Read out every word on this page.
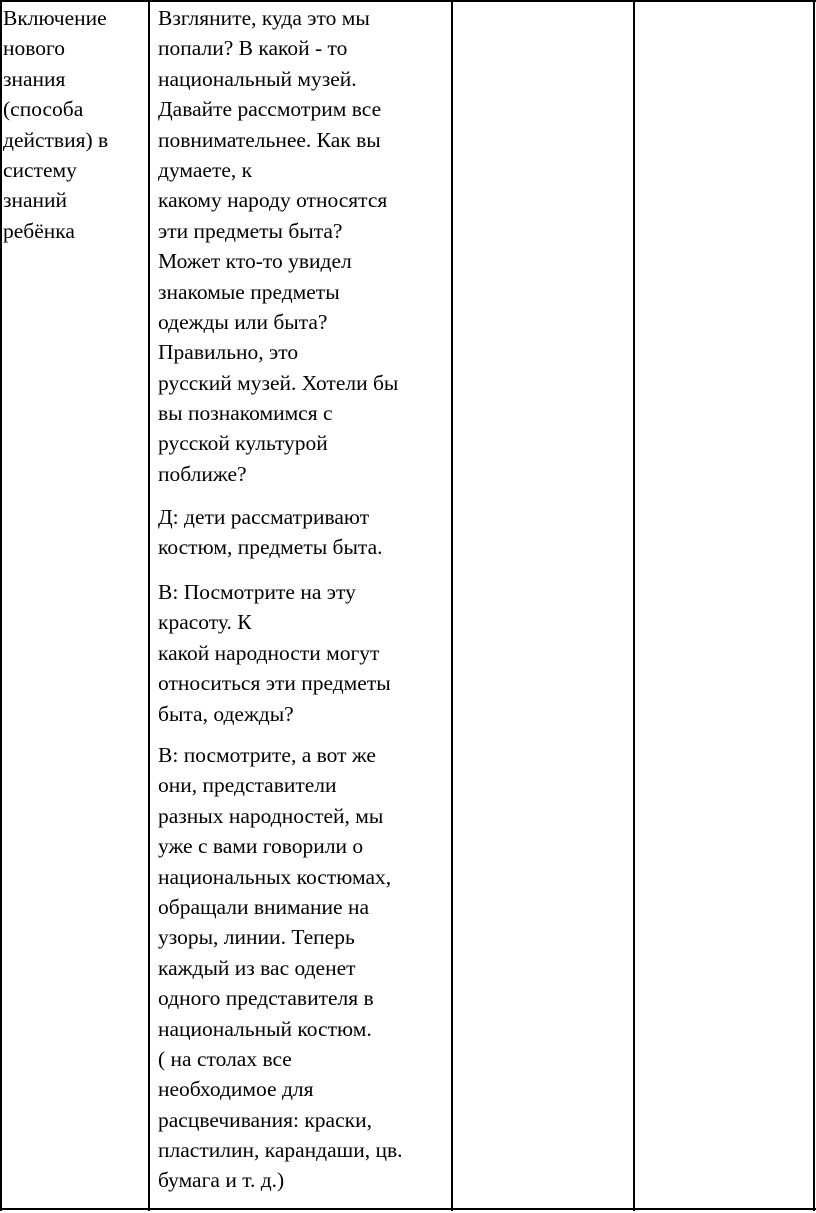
Включение
нового
знания
(способа
действия) в
систему
знаний
ребёнка
Взгляните, куда это мы
попали? В какой - то
национальный музей.
Давайте рассмотрим все
повнимательнее. Как вы
думаете, к
какому народу относятся
эти предметы быта?
Может кто-то увидел
знакомые предметы
одежды или быта?
Правильно, это
русский музей. Хотели бы
вы познакомимся с
русской культурой
поближе?
Д: дети рассматривают
костюм, предметы быта.
В: Посмотрите на эту
красоту. К
какой народности могут
относиться эти предметы
быта, одежды?
В: посмотрите, а вот же
они, представители
разных народностей, мы
уже с вами говорили о
национальных костюмах,
обращали внимание на
узоры, линии. Теперь
каждый из вас оденет
одного представителя в
национальный костюм.
( на столах все
необходимое для
расцвечивания: краски,
пластилин, карандаши, цв.
бумага и т. д.)
